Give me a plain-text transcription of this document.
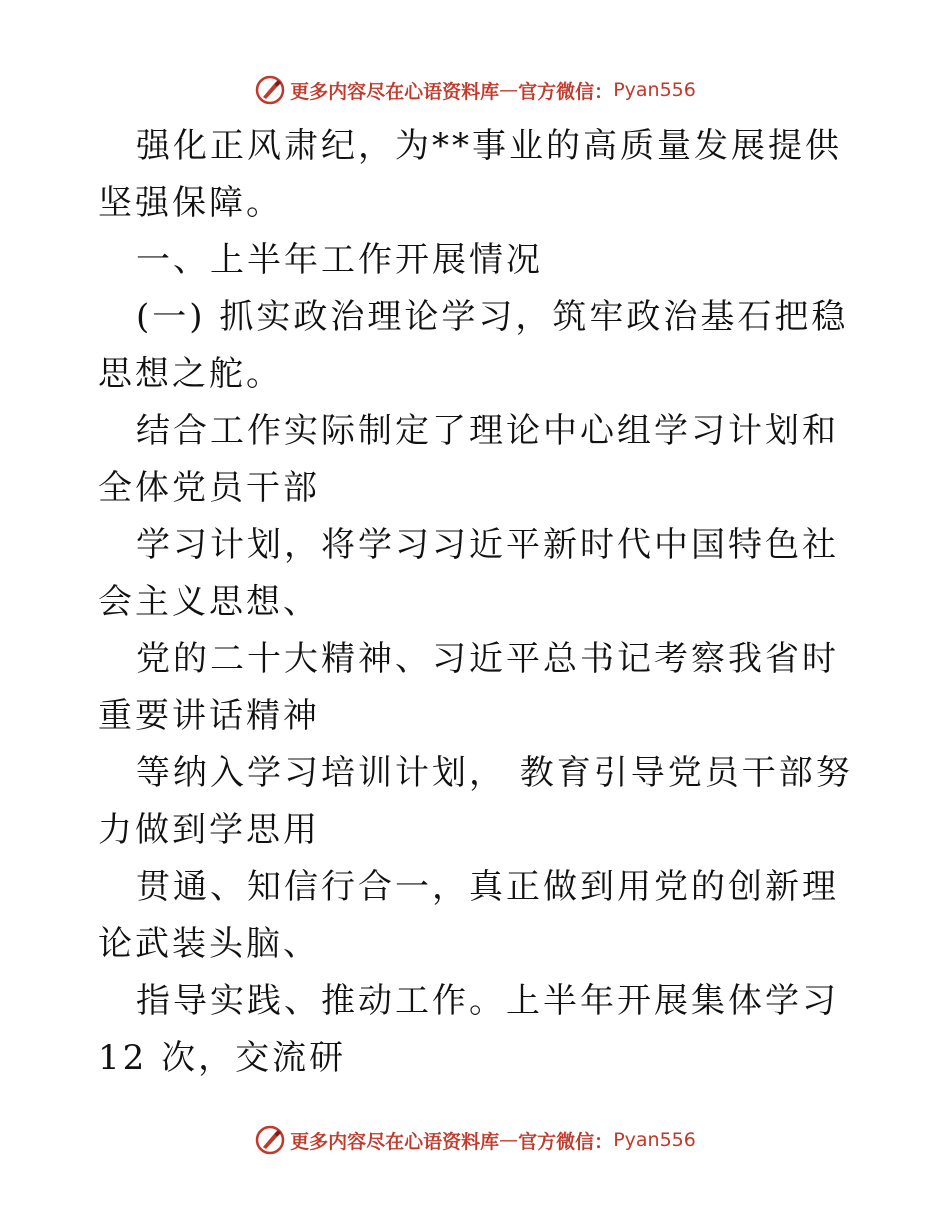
更多内容尽在心语资料库 — 官方微信： Pyan556

强化正风肃纪，为**事业的高质量发展提供坚强保障。

一、上半年工作开展情况

(一) 抓实政治理论学习，筑牢政治基石把稳思想之舵。

结合工作实际制定了理论中心组学习计划和全体党员干部

学习计划，将学习习近平新时代中国特色社会主义思想、

党的二十大精神、习近平总书记考察我省时重要讲话精神

等纳入学习培训计划， 教育引导党员干部努力做到学思用

贯通、知信行合一，真正做到用党的创新理论武装头脑、

指导实践、推动工作。上半年开展集体学习 12 次，交流研

更多内容尽在心语资料库 — 官方微信： Pyan556
